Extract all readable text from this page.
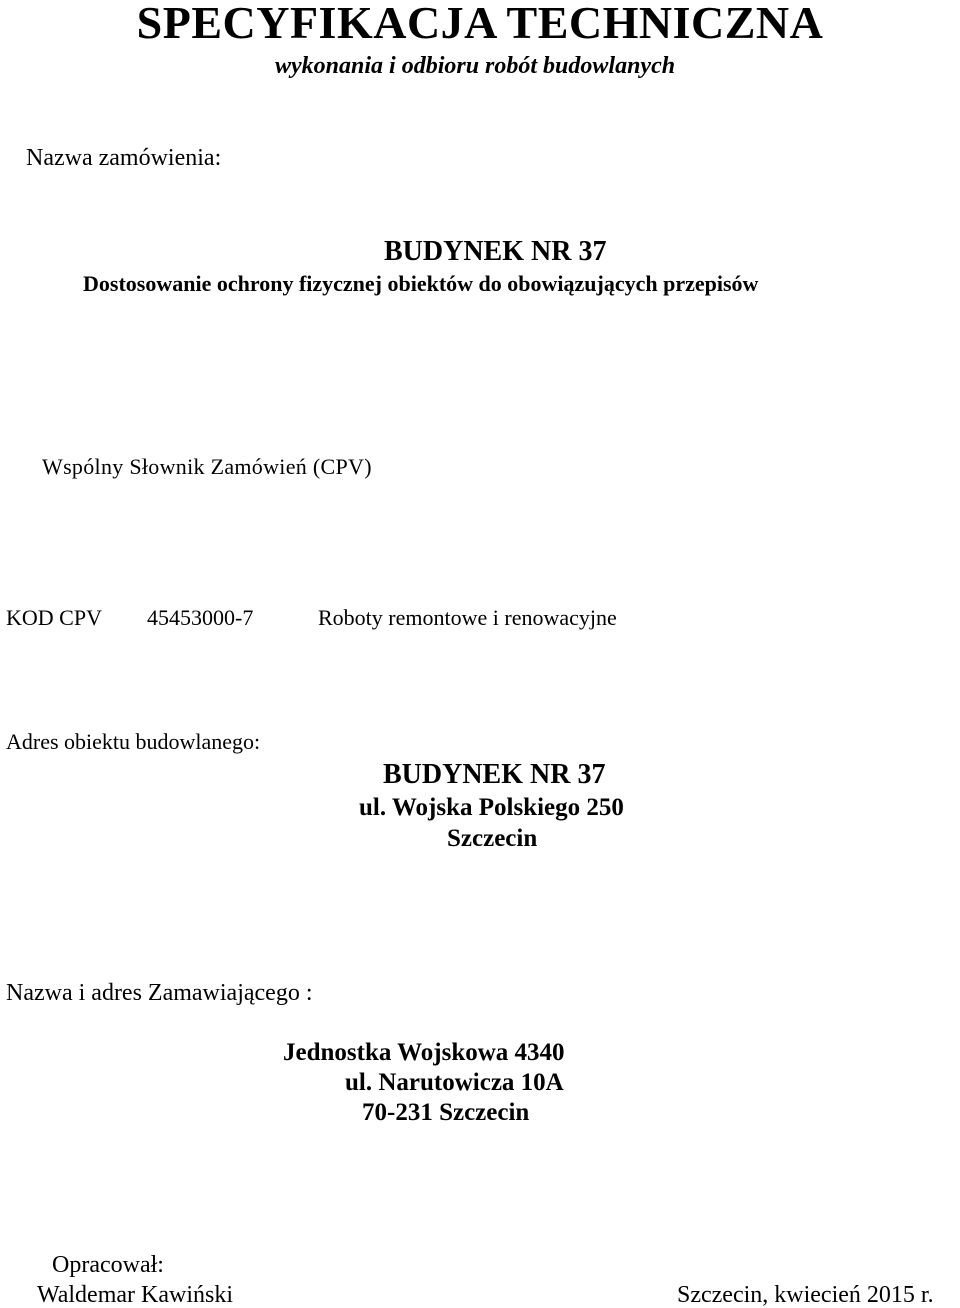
SPECYFIKACJA TECHNICZNA
wykonania i odbioru robót budowlanych
Nazwa zamówienia:
BUDYNEK NR 37
Dostosowanie ochrony fizycznej obiektów do obowiązujących przepisów
Wspólny Słownik Zamówień (CPV)
KOD CPV 45453000-7	Roboty remontowe i renowacyjne
Adres obiektu budowlanego:
BUDYNEK NR 37
ul. Wojska Polskiego 250
Szczecin
Nazwa i adres Zamawiającego :
Jednostka Wojskowa 4340
ul. Narutowicza 10A
70-231 Szczecin
Opracował:
Waldemar Kawiński	Szczecin, kwiecień 2015 r.
